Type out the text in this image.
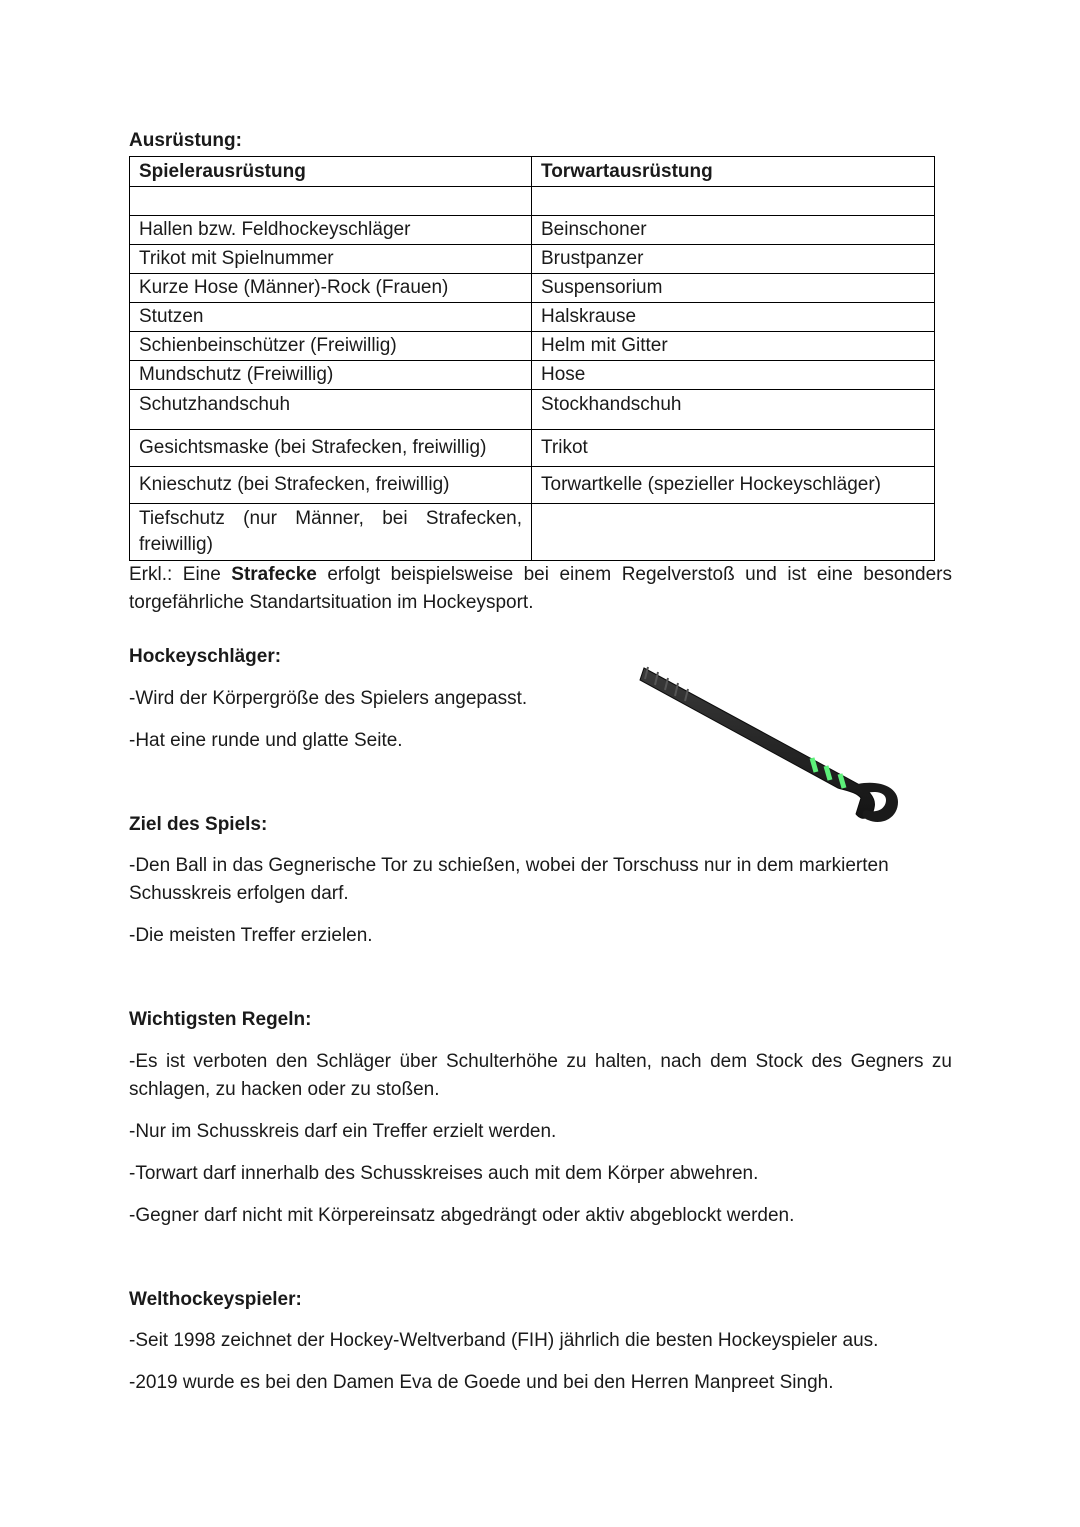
Ausrüstung:
Spielerausrüstung	Torwartausrüstung

Hallen bzw. Feldhockeyschläger	Beinschoner
Trikot mit Spielnummer	Brustpanzer
Kurze Hose (Männer)-Rock (Frauen)	Suspensorium
Stutzen	Halskrause
Schienbeinschützer (Freiwillig)	Helm mit Gitter
Mundschutz (Freiwillig)	Hose
Schutzhandschuh	Stockhandschuh
Gesichtsmaske (bei Strafecken, freiwillig)	Trikot
Knieschutz (bei Strafecken, freiwillig)	Torwartkelle (spezieller Hockeyschläger)
Tiefschutz (nur Männer, bei Strafecken, freiwillig)	

Erkl.: Eine Strafecke erfolgt beispielsweise bei einem Regelverstoß und ist eine besonders torgefährliche Standartsituation im Hockeysport.

Hockeyschläger:

-Wird der Körpergröße des Spielers angepasst.

-Hat eine runde und glatte Seite.

Ziel des Spiels:

-Den Ball in das Gegnerische Tor zu schießen, wobei der Torschuss nur in dem markierten Schusskreis erfolgen darf.

-Die meisten Treffer erzielen.

Wichtigsten Regeln:

-Es ist verboten den Schläger über Schulterhöhe zu halten, nach dem Stock des Gegners zu schlagen, zu hacken oder zu stoßen.

-Nur im Schusskreis darf ein Treffer erzielt werden.

-Torwart darf innerhalb des Schusskreises auch mit dem Körper abwehren.

-Gegner darf nicht mit Körpereinsatz abgedrängt oder aktiv abgeblockt werden.

Welthockeyspieler:

-Seit 1998 zeichnet der Hockey-Weltverband (FIH) jährlich die besten Hockeyspieler aus.

-2019 wurde es bei den Damen Eva de Goede und bei den Herren Manpreet Singh.
